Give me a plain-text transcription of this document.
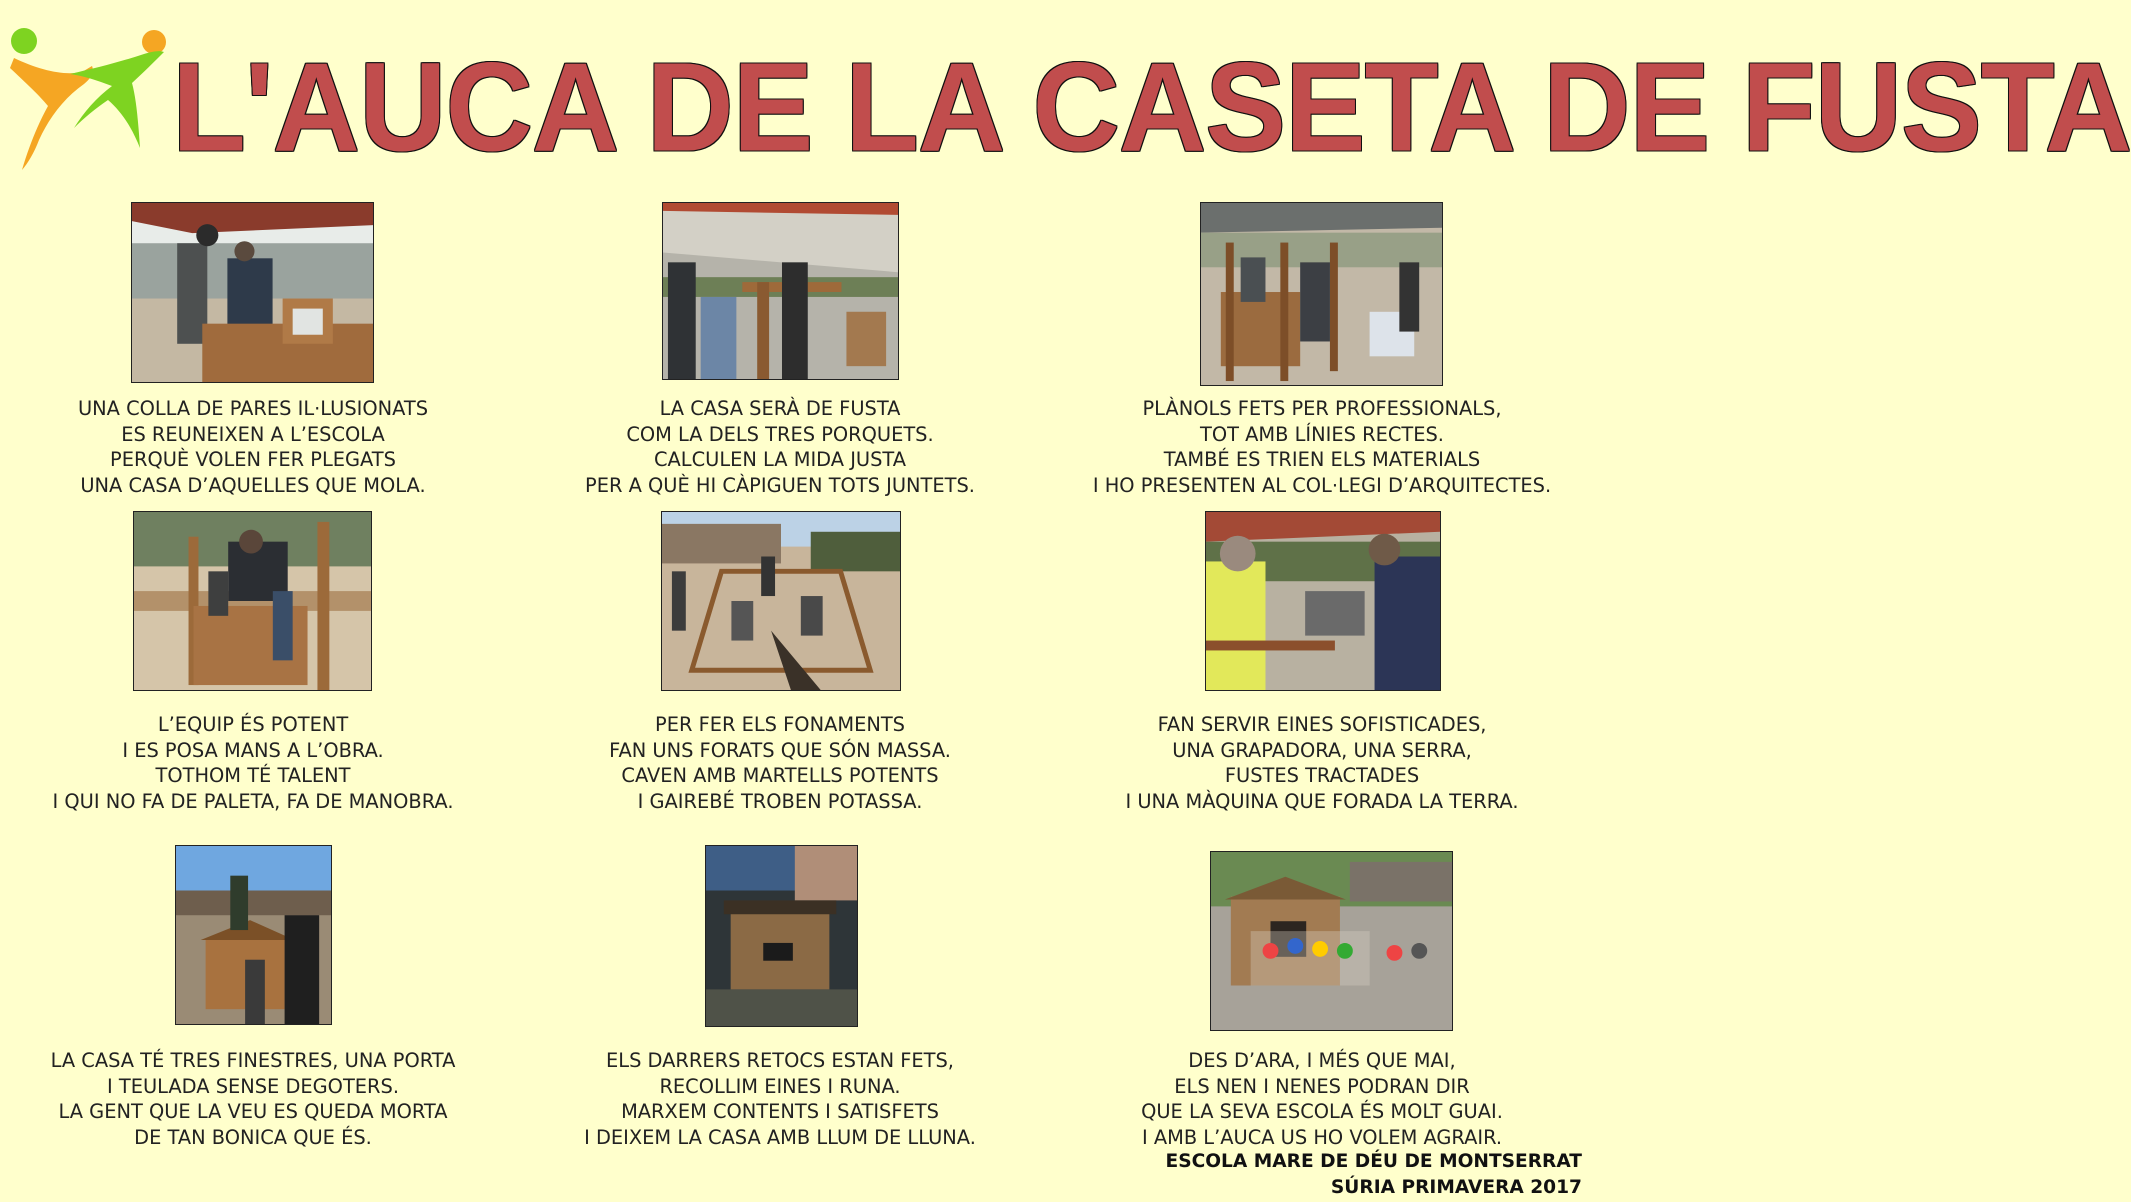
L'AUCA DE LA CASETA DE FUSTA
UNA COLLA DE PARES IL·LUSIONATS
ES REUNEIXEN A L’ESCOLA
PERQUÈ VOLEN FER PLEGATS
UNA CASA D’AQUELLES QUE MOLA.
LA CASA SERÀ DE FUSTA
COM LA DELS TRES PORQUETS.
CALCULEN LA MIDA JUSTA
PER A QUÈ HI CÀPIGUEN TOTS JUNTETS.
PLÀNOLS FETS PER PROFESSIONALS,
TOT AMB LÍNIES RECTES.
TAMBÉ ES TRIEN ELS MATERIALS
I HO PRESENTEN AL COL·LEGI D’ARQUITECTES.
L’EQUIP ÉS POTENT
I ES POSA MANS A L’OBRA.
TOTHOM TÉ TALENT
I QUI NO FA DE PALETA, FA DE MANOBRA.
PER FER ELS FONAMENTS
FAN UNS FORATS QUE SÓN MASSA.
CAVEN AMB MARTELLS POTENTS
I GAIREBÉ TROBEN POTASSA.
FAN SERVIR EINES SOFISTICADES,
UNA GRAPADORA, UNA SERRA,
FUSTES TRACTADES
I UNA MÀQUINA QUE FORADA LA TERRA.
LA CASA TÉ TRES FINESTRES, UNA PORTA
I TEULADA SENSE DEGOTERS.
LA GENT QUE LA VEU ES QUEDA MORTA
DE TAN BONICA QUE ÉS.
ELS DARRERS RETOCS ESTAN FETS,
RECOLLIM EINES I RUNA.
MARXEM CONTENTS I SATISFETS
I DEIXEM LA CASA AMB LLUM DE LLUNA.
DES D’ARA, I MÉS QUE MAI,
ELS NEN I NENES PODRAN DIR
QUE LA SEVA ESCOLA ÉS MOLT GUAI.
I AMB L’AUCA US HO VOLEM AGRAIR.
ESCOLA MARE DE DÉU DE MONTSERRAT
SÚRIA PRIMAVERA 2017
